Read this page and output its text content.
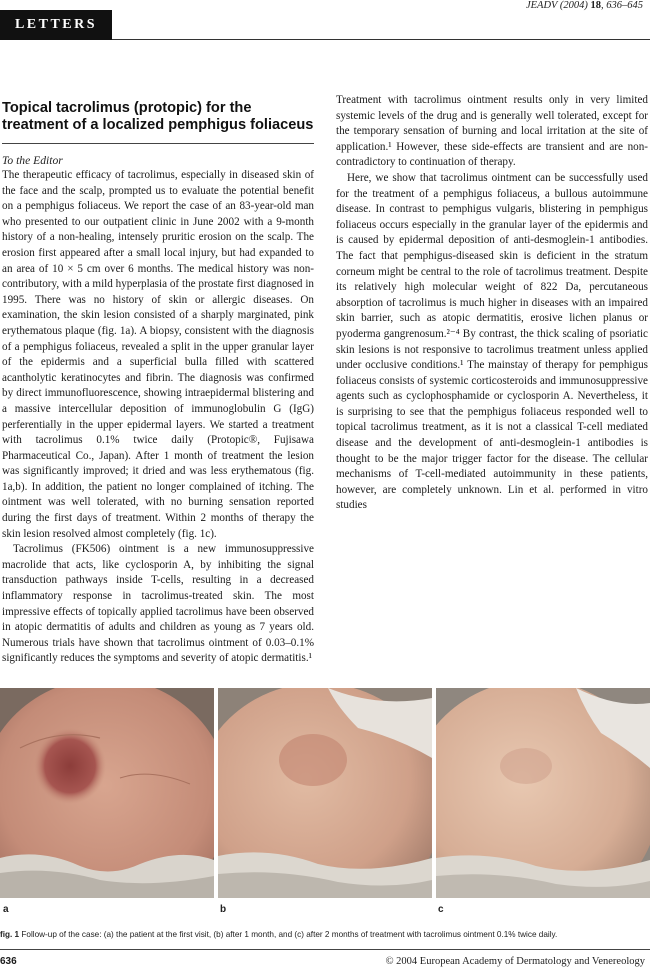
JEADV (2004) 18, 636–645
LETTERS
Topical tacrolimus (protopic) for the treatment of a localized pemphigus foliaceus

To the Editor

The therapeutic efficacy of tacrolimus, especially in diseased skin of the face and the scalp, prompted us to evaluate the potential benefit on a pemphigus foliaceus. We report the case of an 83-year-old man who presented to our outpatient clinic in June 2002 with a 9-month history of a non-healing, intensely pruritic erosion on the scalp. The erosion first appeared after a small local injury, but had expanded to an area of 10 × 5 cm over 6 months. The medical history was non-contributory, with a mild hyperplasia of the prostate first diagnosed in 1995. There was no history of skin or allergic diseases. On examination, the skin lesion consisted of a sharply marginated, pink erythematous plaque (fig. 1a). A biopsy, consistent with the diagnosis of a pemphigus foliaceus, revealed a split in the upper granular layer of the epidermis and a superficial bulla filled with scattered acantholytic keratinocytes and fibrin. The diagnosis was confirmed by direct immunofluorescence, showing intraepidermal blistering and a massive intercellular deposition of immunoglobulin G (IgG) perferentially in the upper epidermal layers. We started a treatment with tacrolimus 0.1% twice daily (Protopic®, Fujisawa Pharmaceutical Co., Japan). After 1 month of treatment the lesion was significantly improved; it dried and was less erythematous (fig. 1a,b). In addition, the patient no longer complained of itching. The ointment was well tolerated, with no burning sensation reported during the first days of treatment. Within 2 months of therapy the skin lesion resolved almost completely (fig. 1c).

Tacrolimus (FK506) ointment is a new immunosuppressive macrolide that acts, like cyclosporin A, by inhibiting the signal transduction pathways inside T-cells, resulting in a decreased inflammatory response in tacrolimus-treated skin. The most impressive effects of topically applied tacrolimus have been observed in atopic dermatitis of adults and children as young as 7 years old. Numerous trials have shown that tacrolimus ointment of 0.03–0.1% significantly reduces the symptoms and severity of atopic dermatitis.¹

Treatment with tacrolimus ointment results only in very limited systemic levels of the drug and is generally well tolerated, except for the temporary sensation of burning and local irritation at the site of application.¹ However, these side-effects are transient and are non-contradictory to continuation of therapy.

Here, we show that tacrolimus ointment can be successfully used for the treatment of a pemphigus foliaceus, a bullous autoimmune disease. In contrast to pemphigus vulgaris, blistering in pemphigus foliaceus occurs especially in the granular layer of the epidermis and is caused by epidermal deposition of anti-desmoglein-1 antibodies. The fact that pemphigus-diseased skin is deficient in the stratum corneum might be central to the role of tacrolimus treatment. Despite its relatively high molecular weight of 822 Da, percutaneous absorption of tacrolimus is much higher in diseases with an impaired skin barrier, such as atopic dermatitis, erosive lichen planus or pyoderma gangrenosum.²⁻⁴ By contrast, the thick scaling of psoriatic skin lesions is not responsive to tacrolimus treatment unless applied under occlusive conditions.¹ The mainstay of therapy for pemphigus foliaceus consists of systemic corticosteroids and immunosuppressive agents such as cyclophosphamide or cyclosporin A. Nevertheless, it is surprising to see that the pemphigus foliaceus responded well to topical tacrolimus treatment, as it is not a classical T-cell mediated disease and the development of anti-desmoglein-1 antibodies is thought to be the major trigger factor for the disease. The cellular mechanisms of T-cell-mediated autoimmunity in these patients, however, are completely unknown. Lin et al. performed in vitro studies

a	b	c
fig. 1 Follow-up of the case: (a) the patient at the first visit, (b) after 1 month, and (c) after 2 months of treatment with tacrolimus ointment 0.1% twice daily.
636	© 2004 European Academy of Dermatology and Venereology
